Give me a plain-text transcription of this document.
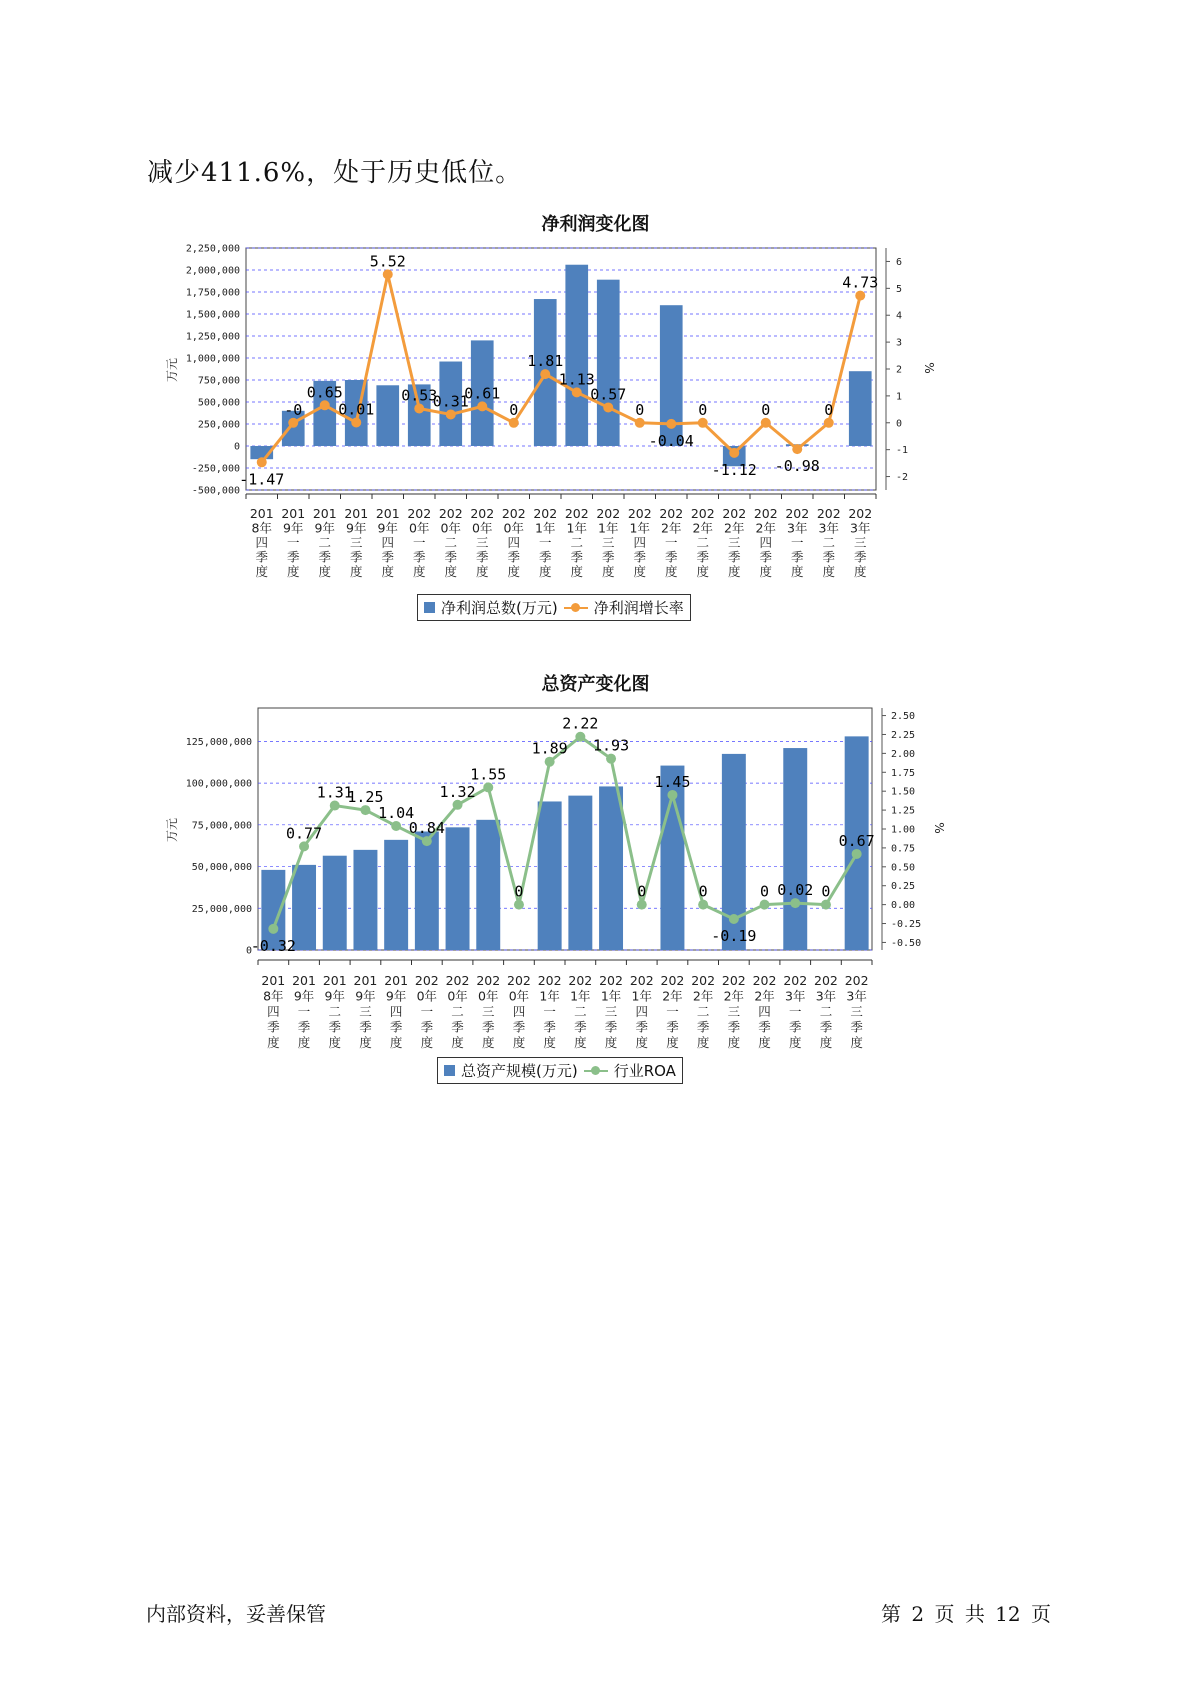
减少411.6%，处于历史低位。
净利润变化图
-500,000
-250,000
0
250,000
500,000
750,000
1,000,000
1,250,000
1,500,000
1,750,000
2,000,000
2,250,000
-2
-1
0
1
2
3
4
5
6
万元	%
-1.47
-0
0.65
0.01
5.52
0.53
0.31
0.61
0
1.81
1.13
0.57
0
-0.04
0
-1.12
0
-0.98
0
4.73
201
8年
四
季
度
201
9年
一
季
度
201
9年
二
季
度
201
9年
三
季
度
201
9年
四
季
度
202
0年
一
季
度
202
0年
二
季
度
202
0年
三
季
度
202
0年
四
季
度
202
1年
一
季
度
202
1年
二
季
度
202
1年
三
季
度
202
1年
四
季
度
202
2年
一
季
度
202
2年
二
季
度
202
2年
三
季
度
202
2年
四
季
度
202
3年
一
季
度
202
3年
二
季
度
202
3年
三
季
度
净利润总数(万元) 净利润增长率
总资产变化图
0
25,000,000
50,000,000
75,000,000
100,000,000
125,000,000
-0.50
-0.25
0.00
0.25
0.50
0.75
1.00
1.25
1.50
1.75
2.00
2.25
2.50
万元	%
-0.32
0.77
1.31
1.25
1.04
0.84
1.32
1.55
0
1.89
2.22
1.93
0
1.45
0
-0.19
0 0.02 0
0.67
201
8年
四
季
度
201
9年
一
季
度
201
9年
二
季
度
201
9年
三
季
度
201
9年
四
季
度
202
0年
一
季
度
202
0年
二
季
度
202
0年
三
季
度
202
0年
四
季
度
202
1年
一
季
度
202
1年
二
季
度
202
1年
三
季
度
202
1年
四
季
度
202
2年
一
季
度
202
2年
二
季
度
202
2年
三
季
度
202
2年
四
季
度
202
3年
一
季
度
202
3年
二
季
度
202
3年
三
季
度
总资产规模(万元) 行业ROA
内部资料，妥善保管	第 2 页 共 12 页
